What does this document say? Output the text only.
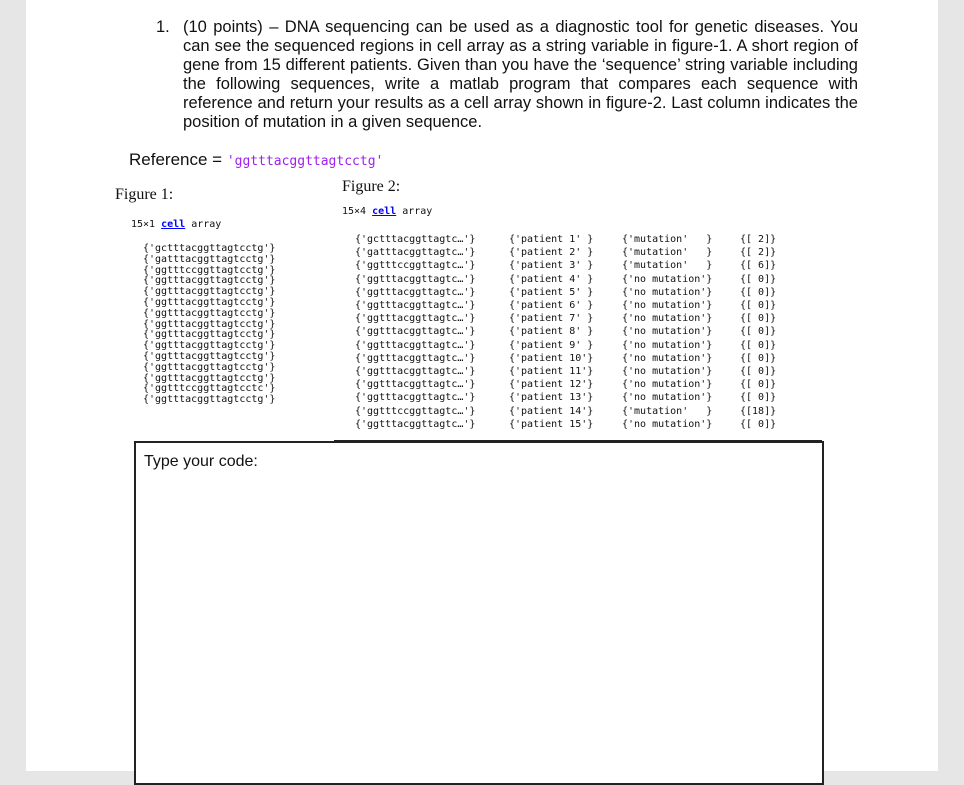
1. (10 points) – DNA sequencing can be used as a diagnostic tool for genetic diseases. You can see the sequenced regions in cell array as a string variable in figure-1. A short region of gene from 15 different patients. Given than you have the ‘sequence’ string variable including the following sequences, write a matlab program that compares each sequence with reference and return your results as a cell array shown in figure-2. Last column indicates the position of mutation in a given sequence.
Reference = 'ggtttacggttagtcctg'
Figure 1:	Figure 2:
15×1 cell array
15×4 cell array
{'gctttacggttagtcctg'}
{'gatttacggttagtcctg'}
{'ggtttccggttagtcctg'}
{'ggtttacggttagtcctg'}
{'ggtttacggttagtcctg'}
{'ggtttacggttagtcctg'}
{'ggtttacggttagtcctg'}
{'ggtttacggttagtcctg'}
{'ggtttacggttagtcctg'}
{'ggtttacggttagtcctg'}
{'ggtttacggttagtcctg'}
{'ggtttacggttagtcctg'}
{'ggtttacggttagtcctg'}
{'ggtttccggttagtcctc'}
{'ggtttacggttagtcctg'}
{'gctttacggttagtc…'}	{'patient 1' }	{'mutation'   }	{[ 2]}
{'gatttacggttagtc…'}	{'patient 2' }	{'mutation'   }	{[ 2]}
{'ggtttccggttagtc…'}	{'patient 3' }	{'mutation'   }	{[ 6]}
{'ggtttacggttagtc…'}	{'patient 4' }	{'no mutation'}	{[ 0]}
{'ggtttacggttagtc…'}	{'patient 5' }	{'no mutation'}	{[ 0]}
{'ggtttacggttagtc…'}	{'patient 6' }	{'no mutation'}	{[ 0]}
{'ggtttacggttagtc…'}	{'patient 7' }	{'no mutation'}	{[ 0]}
{'ggtttacggttagtc…'}	{'patient 8' }	{'no mutation'}	{[ 0]}
{'ggtttacggttagtc…'}	{'patient 9' }	{'no mutation'}	{[ 0]}
{'ggtttacggttagtc…'}	{'patient 10'}	{'no mutation'}	{[ 0]}
{'ggtttacggttagtc…'}	{'patient 11'}	{'no mutation'}	{[ 0]}
{'ggtttacggttagtc…'}	{'patient 12'}	{'no mutation'}	{[ 0]}
{'ggtttacggttagtc…'}	{'patient 13'}	{'no mutation'}	{[ 0]}
{'ggtttccggttagtc…'}	{'patient 14'}	{'mutation'   }	{[18]}
{'ggtttacggttagtc…'}	{'patient 15'}	{'no mutation'}	{[ 0]}
Type your code:
